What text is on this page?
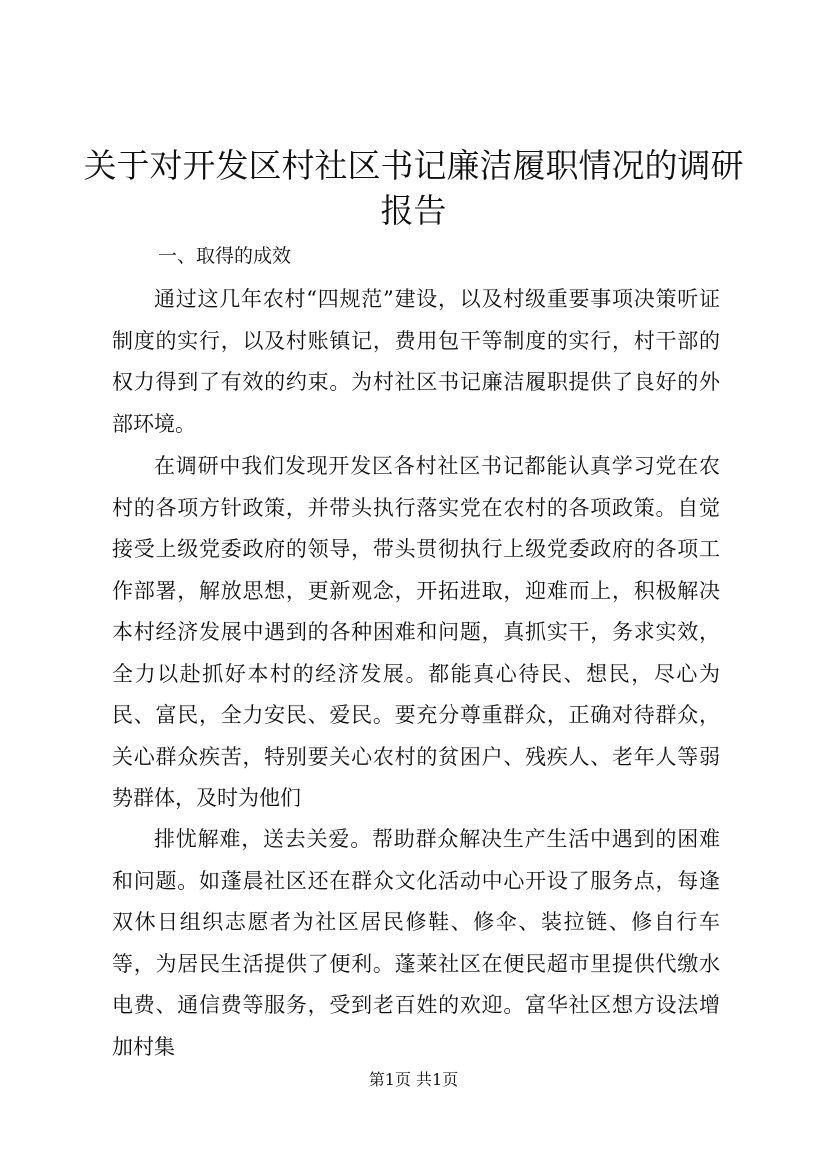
关于对开发区村社区书记廉洁履职情况的调研
报告
一、取得的成效

通过这几年农村“四规范”建设，以及村级重要事项决策听证制度的实行，以及村账镇记，费用包干等制度的实行，村干部的权力得到了有效的约束。为村社区书记廉洁履职提供了良好的外部环境。

在调研中我们发现开发区各村社区书记都能认真学习党在农村的各项方针政策，并带头执行落实党在农村的各项政策。自觉接受上级党委政府的领导，带头贯彻执行上级党委政府的各项工作部署，解放思想，更新观念，开拓进取，迎难而上，积极解决本村经济发展中遇到的各种困难和问题，真抓实干，务求实效，全力以赴抓好本村的经济发展。都能真心待民、想民，尽心为民、富民，全力安民、爱民。要充分尊重群众，正确对待群众，关心群众疾苦，特别要关心农村的贫困户、残疾人、老年人等弱势群体，及时为他们

排忧解难，送去关爱。帮助群众解决生产生活中遇到的困难和问题。如蓬晨社区还在群众文化活动中心开设了服务点，每逢双休日组织志愿者为社区居民修鞋、修伞、装拉链、修自行车等，为居民生活提供了便利。蓬莱社区在便民超市里提供代缴水电费、通信费等服务，受到老百姓的欢迎。富华社区想方设法增加村集

第1页 共1页
